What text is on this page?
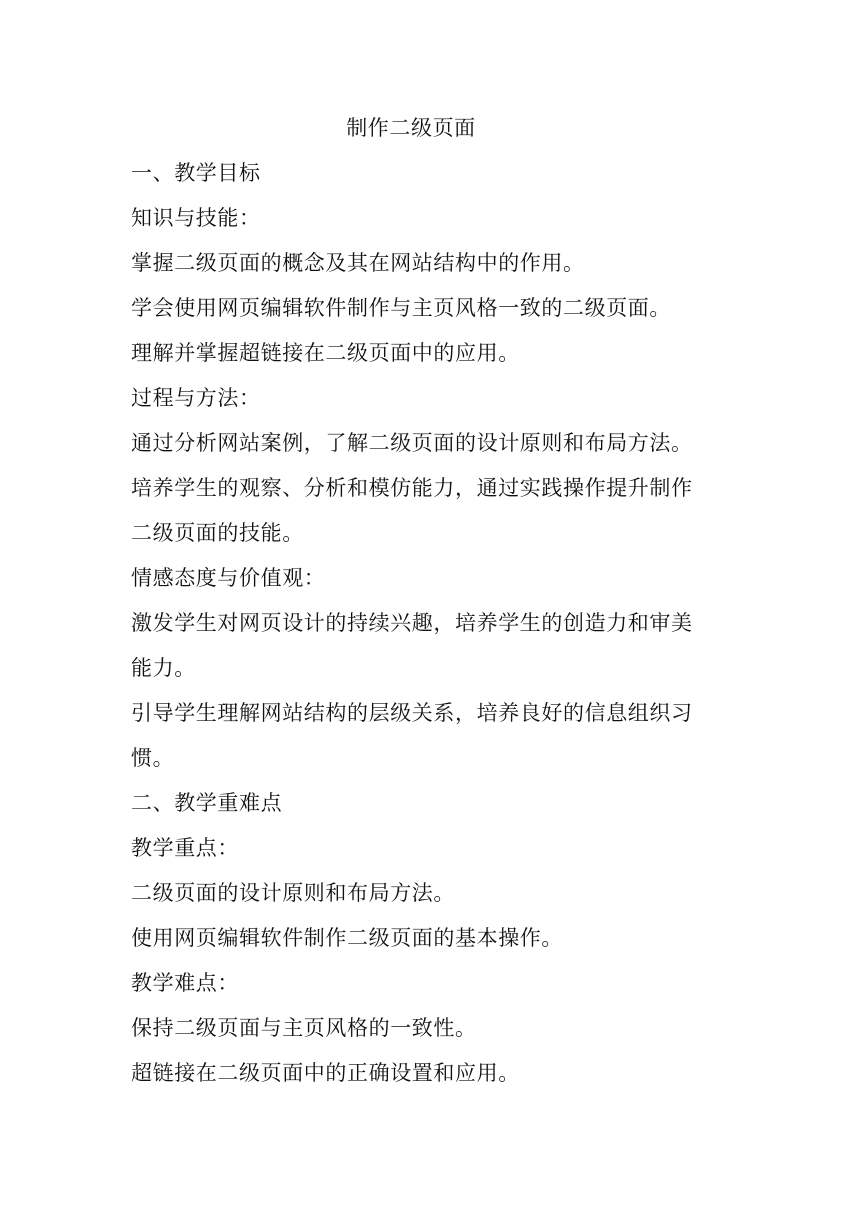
制作二级页面
一、教学目标
知识与技能：
掌握二级页面的概念及其在网站结构中的作用。
学会使用网页编辑软件制作与主页风格一致的二级页面。
理解并掌握超链接在二级页面中的应用。
过程与方法：
通过分析网站案例，了解二级页面的设计原则和布局方法。
培养学生的观察、分析和模仿能力，通过实践操作提升制作
二级页面的技能。
情感态度与价值观：
激发学生对网页设计的持续兴趣，培养学生的创造力和审美
能力。
引导学生理解网站结构的层级关系，培养良好的信息组织习
惯。
二、教学重难点
教学重点：
二级页面的设计原则和布局方法。
使用网页编辑软件制作二级页面的基本操作。
教学难点：
保持二级页面与主页风格的一致性。
超链接在二级页面中的正确设置和应用。
